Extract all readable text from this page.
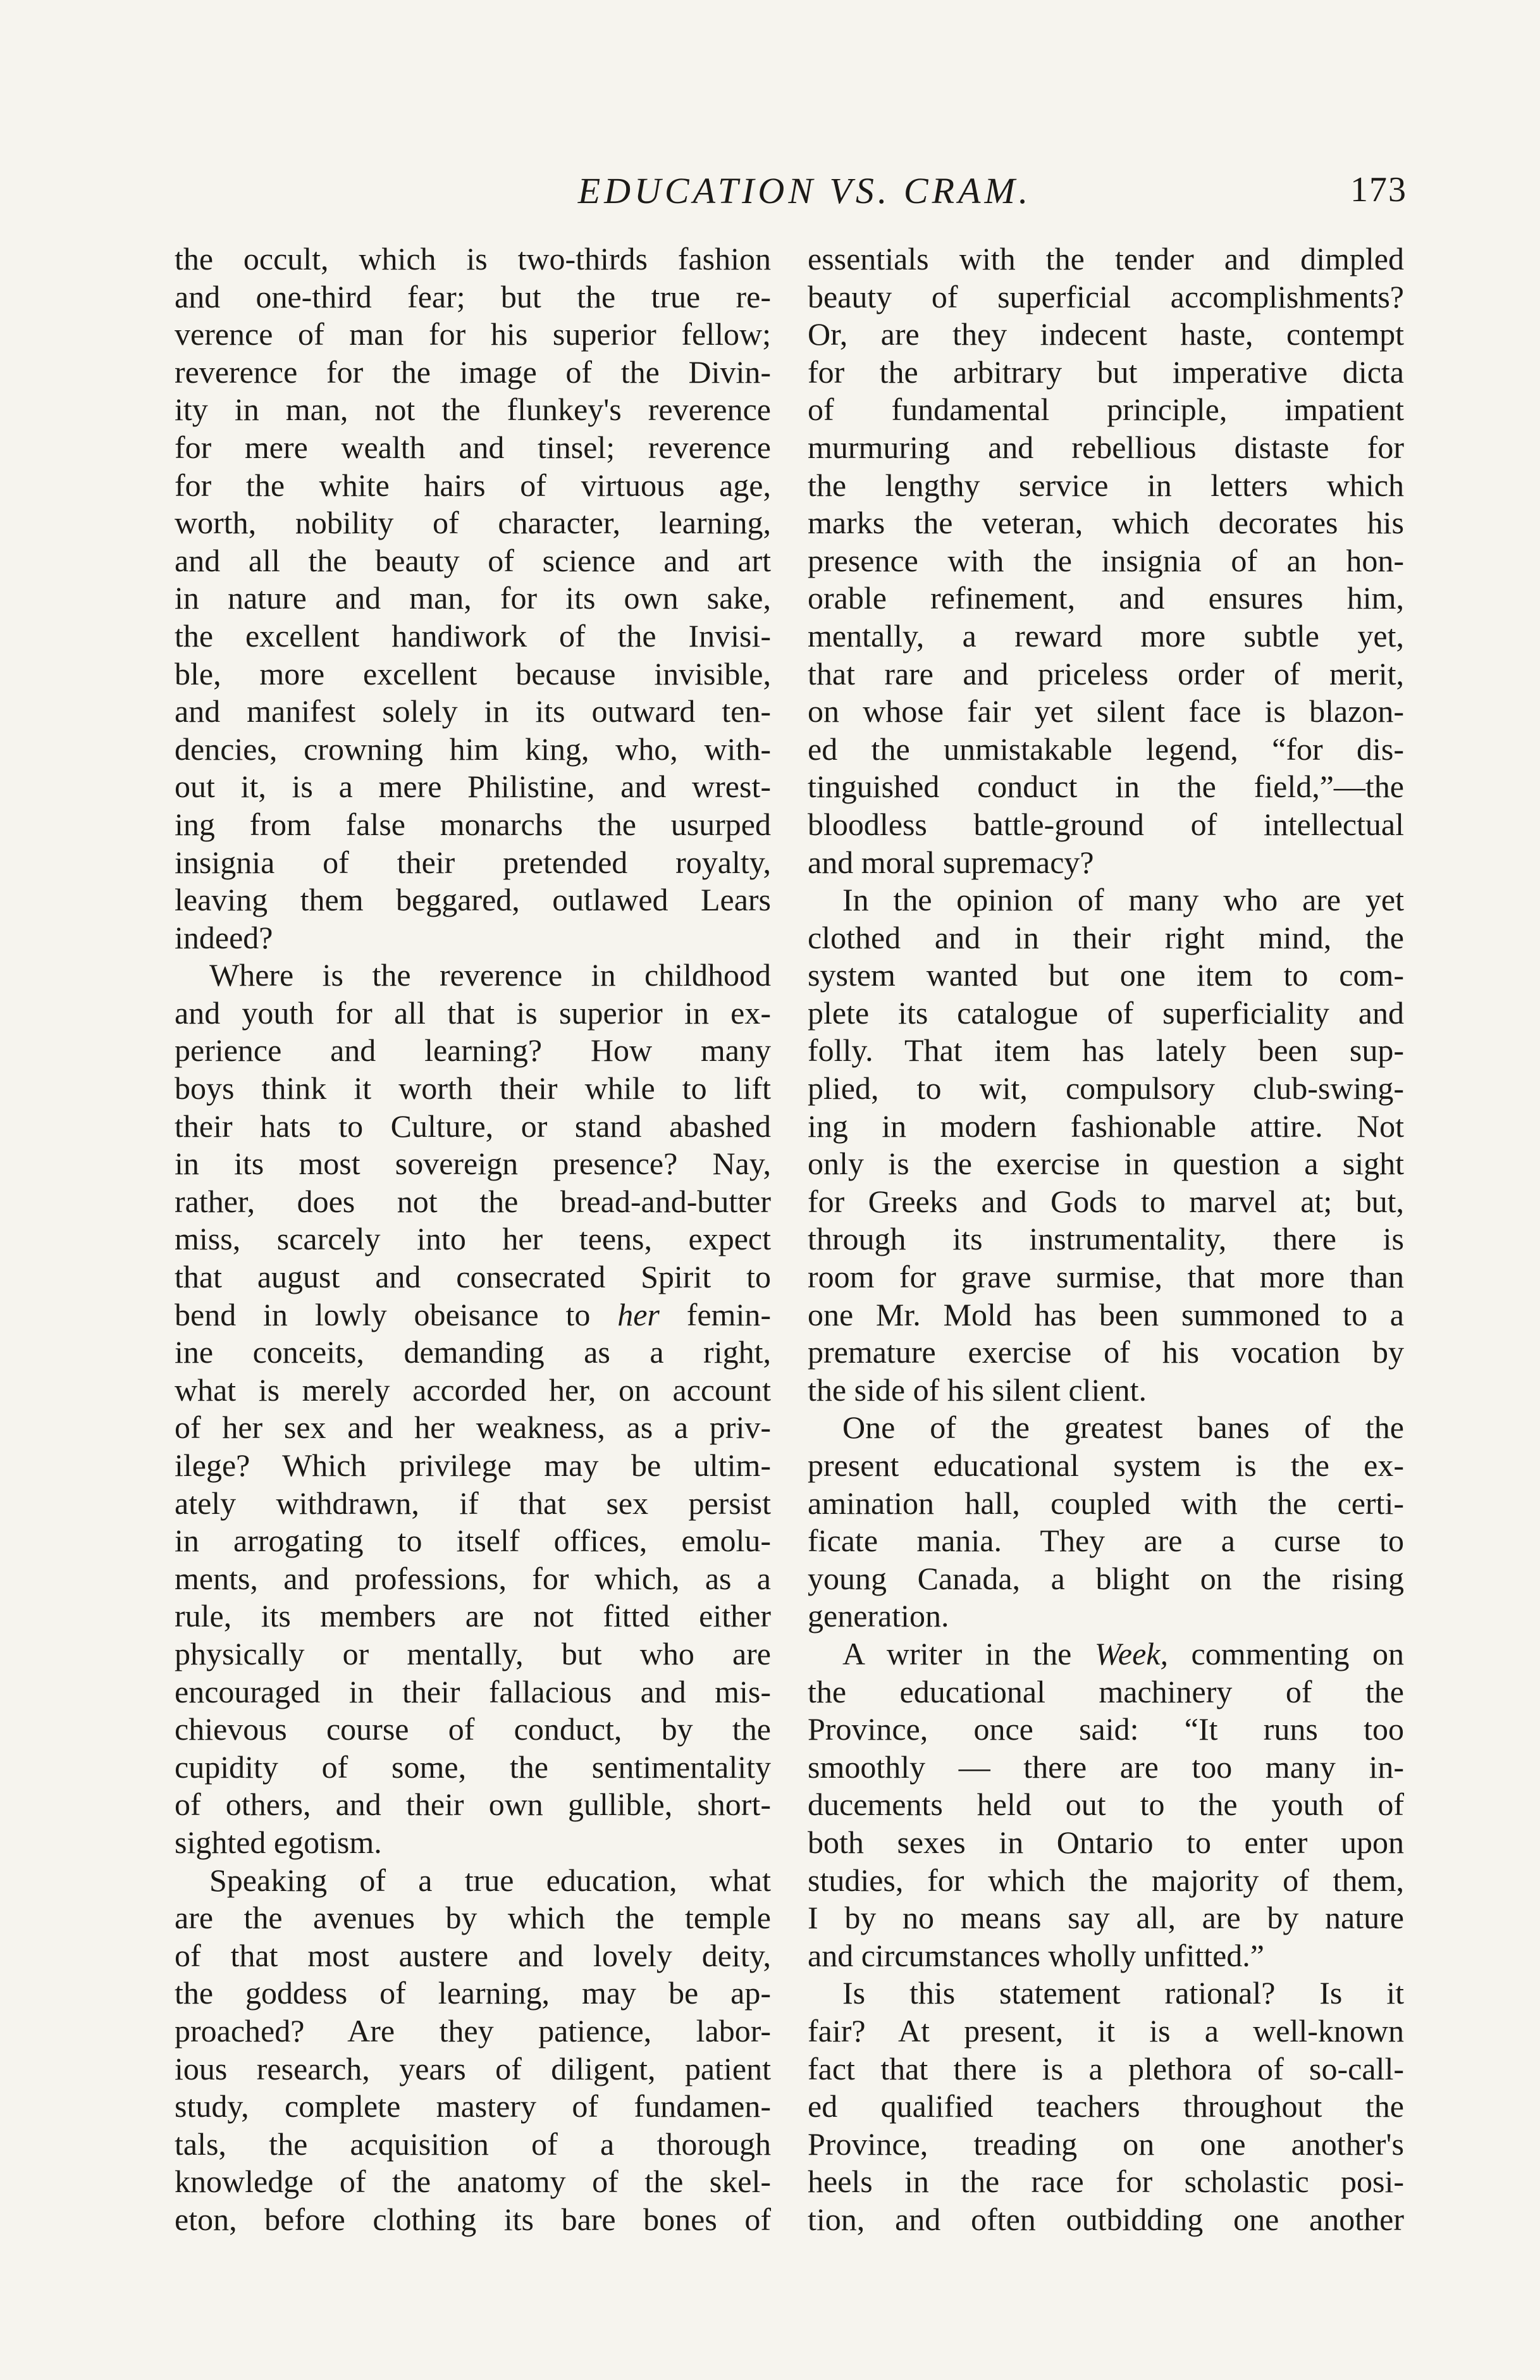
EDUCATION VS. CRAM.	173
the occult, which is two-thirds fashion
and one-third fear; but the true re-
verence of man for his superior fellow;
reverence for the image of the Divin-
ity in man, not the flunkey's reverence
for mere wealth and tinsel; reverence
for the white hairs of virtuous age,
worth, nobility of character, learning,
and all the beauty of science and art
in nature and man, for its own sake,
the excellent handiwork of the Invisi-
ble, more excellent because invisible,
and manifest solely in its outward ten-
dencies, crowning him king, who, with-
out it, is a mere Philistine, and wrest-
ing from false monarchs the usurped
insignia of their pretended royalty,
leaving them beggared, outlawed Lears
indeed?
Where is the reverence in childhood
and youth for all that is superior in ex-
perience and learning? How many
boys think it worth their while to lift
their hats to Culture, or stand abashed
in its most sovereign presence? Nay,
rather, does not the bread-and-butter
miss, scarcely into her teens, expect
that august and consecrated Spirit to
bend in lowly obeisance to her femin-
ine conceits, demanding as a right,
what is merely accorded her, on account
of her sex and her weakness, as a priv-
ilege? Which privilege may be ultim-
ately withdrawn, if that sex persist
in arrogating to itself offices, emolu-
ments, and professions, for which, as a
rule, its members are not fitted either
physically or mentally, but who are
encouraged in their fallacious and mis-
chievous course of conduct, by the
cupidity of some, the sentimentality
of others, and their own gullible, short-
sighted egotism.
Speaking of a true education, what
are the avenues by which the temple
of that most austere and lovely deity,
the goddess of learning, may be ap-
proached? Are they patience, labor-
ious research, years of diligent, patient
study, complete mastery of fundamen-
tals, the acquisition of a thorough
knowledge of the anatomy of the skel-
eton, before clothing its bare bones of
essentials with the tender and dimpled
beauty of superficial accomplishments?
Or, are they indecent haste, contempt
for the arbitrary but imperative dicta
of fundamental principle, impatient
murmuring and rebellious distaste for
the lengthy service in letters which
marks the veteran, which decorates his
presence with the insignia of an hon-
orable refinement, and ensures him,
mentally, a reward more subtle yet,
that rare and priceless order of merit,
on whose fair yet silent face is blazon-
ed the unmistakable legend, “for dis-
tinguished conduct in the field,”—the
bloodless battle-ground of intellectual
and moral supremacy?
In the opinion of many who are yet
clothed and in their right mind, the
system wanted but one item to com-
plete its catalogue of superficiality and
folly. That item has lately been sup-
plied, to wit, compulsory club-swing-
ing in modern fashionable attire. Not
only is the exercise in question a sight
for Greeks and Gods to marvel at; but,
through its instrumentality, there is
room for grave surmise, that more than
one Mr. Mold has been summoned to a
premature exercise of his vocation by
the side of his silent client.
One of the greatest banes of the
present educational system is the ex-
amination hall, coupled with the certi-
ficate mania. They are a curse to
young Canada, a blight on the rising
generation.
A writer in the Week, commenting on
the educational machinery of the
Province, once said: “It runs too
smoothly — there are too many in-
ducements held out to the youth of
both sexes in Ontario to enter upon
studies, for which the majority of them,
I by no means say all, are by nature
and circumstances wholly unfitted.”
Is this statement rational? Is it
fair? At present, it is a well-known
fact that there is a plethora of so-call-
ed qualified teachers throughout the
Province, treading on one another's
heels in the race for scholastic posi-
tion, and often outbidding one another
